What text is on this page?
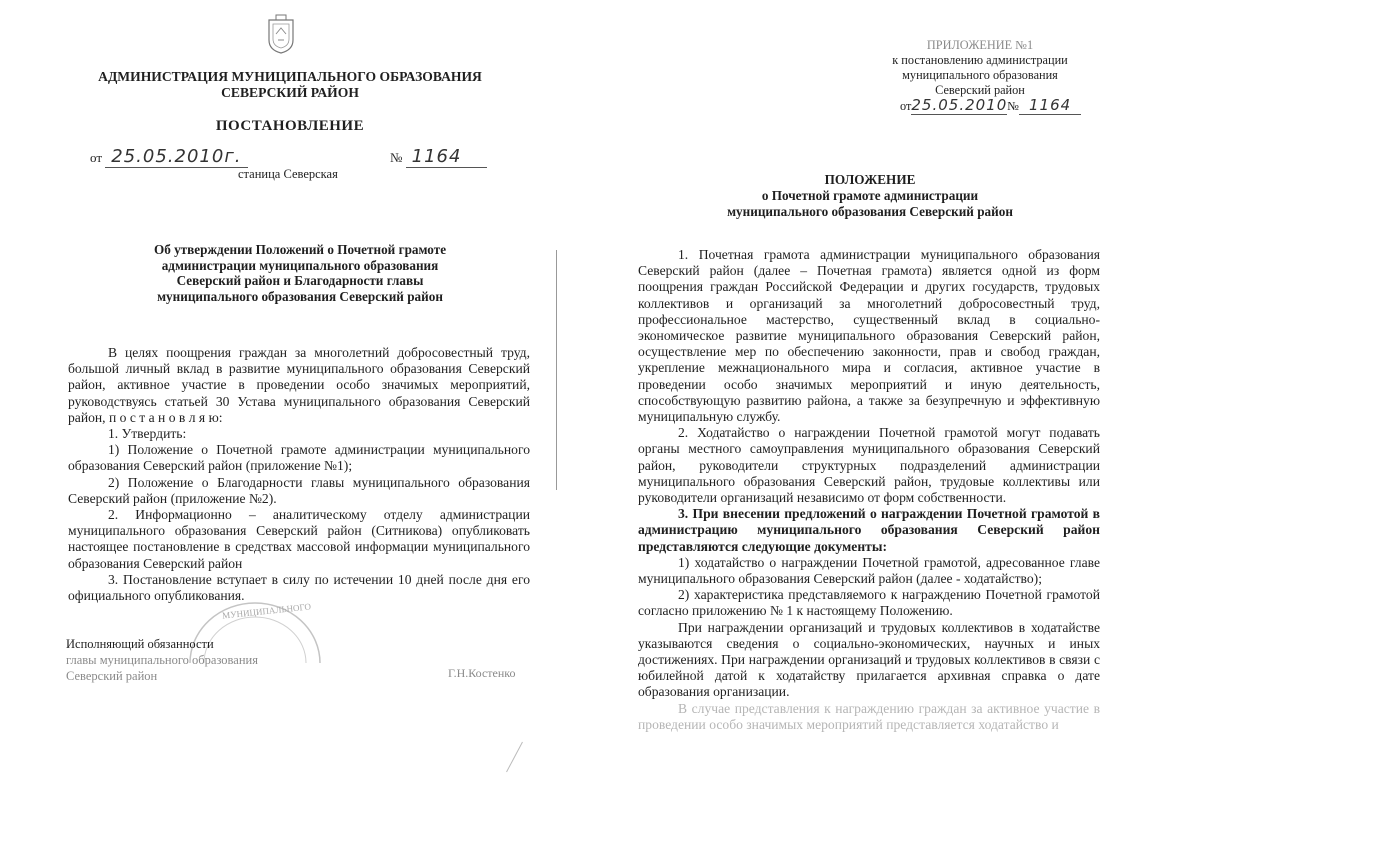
АДМИНИСТРАЦИЯ МУНИЦИПАЛЬНОГО ОБРАЗОВАНИЯ
СЕВЕРСКИЙ РАЙОН
ПОСТАНОВЛЕНИЕ
от 25.05.2010г.	№ 1164
станица Северская
Об утверждении Положений о Почетной грамоте
администрации муниципального образования
Северский район и Благодарности главы
муниципального образования Северский район

В целях поощрения граждан за многолетний добросовестный труд, большой личный вклад в развитие муниципального образования Северский район, активное участие в проведении особо значимых мероприятий, руководствуясь статьей 30 Устава муниципального образования Северский район, п о с т а н о в л я ю:

1. Утвердить:

1) Положение о Почетной грамоте администрации муниципального образования Северский район (приложение №1);

2) Положение о Благодарности главы муниципального образования Северский район (приложение №2).

2. Информационно – аналитическому отделу администрации муниципального образования Северский район (Ситникова) опубликовать настоящее постановление в средствах массовой информации муниципального образования Северский район

3. Постановление вступает в силу по истечении 10 дней после дня его официального опубликования.

МУНИЦИПАЛЬНОГО
Исполняющий обязанности
главы муниципального образования
Северский район	Г.Н.Костенко
ПРИЛОЖЕНИЕ №1
к постановлению администрации
муниципального образования
Северский район
от25.05.2010№ 1164
ПОЛОЖЕНИЕ
о Почетной грамоте администрации
муниципального образования Северский район

1. Почетная грамота администрации муниципального образования Северский район (далее – Почетная грамота) является одной из форм поощрения граждан Российской Федерации и других государств, трудовых коллективов и организаций за многолетний добросовестный труд, профессиональное мастерство, существенный вклад в социально-экономическое развитие муниципального образования Северский район, осуществление мер по обеспечению законности, прав и свобод граждан, укрепление межнационального мира и согласия, активное участие в проведении особо значимых мероприятий и иную деятельность, способствующую развитию района, а также за безупречную и эффективную муниципальную службу.

2. Ходатайство о награждении Почетной грамотой могут подавать органы местного самоуправления муниципального образования Северский район, руководители структурных подразделений администрации муниципального образования Северский район, трудовые коллективы или руководители организаций независимо от форм собственности.

3. При внесении предложений о награждении Почетной грамотой в администрацию муниципального образования Северский район представляются следующие документы:

1) ходатайство о награждении Почетной грамотой, адресованное главе муниципального образования Северский район (далее - ходатайство);

2) характеристика представляемого к награждению Почетной грамотой согласно приложению № 1 к настоящему Положению.

При награждении организаций и трудовых коллективов в ходатайстве указываются сведения о социально-экономических, научных и иных достижениях. При награждении организаций и трудовых коллективов в связи с юбилейной датой к ходатайству прилагается архивная справка о дате образования организации.

В случае представления к награждению граждан за активное участие в проведении особо значимых мероприятий представляется ходатайство и
